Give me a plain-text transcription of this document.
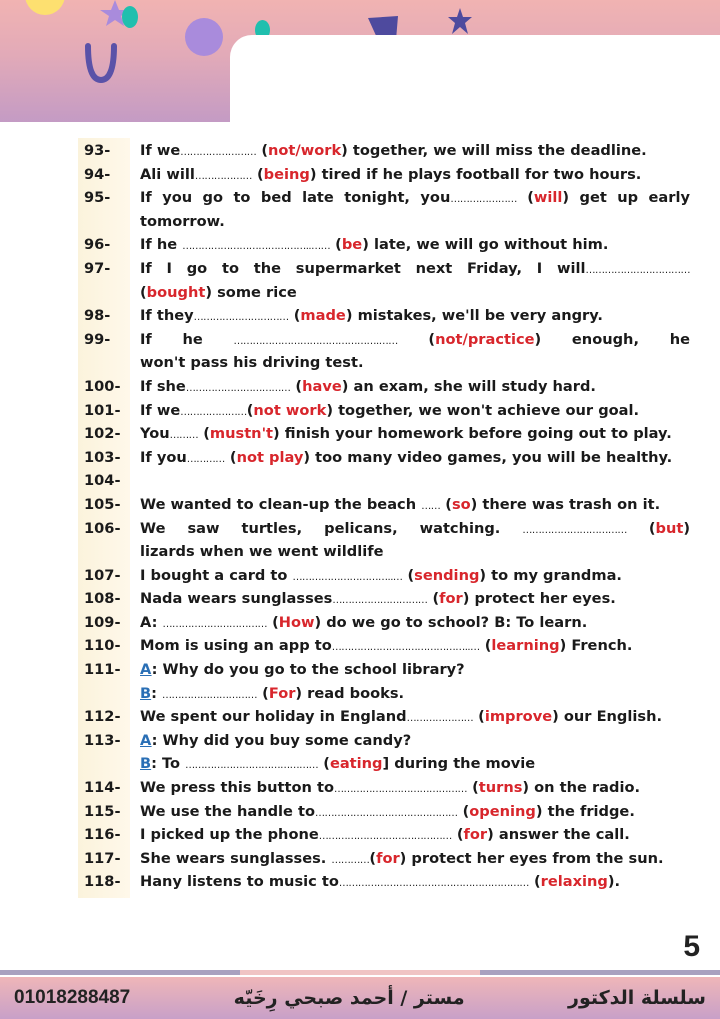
93-	If we…………………… (not/work) together, we will miss the deadline.
94-	Ali will……………… (being) tired if he plays football for two hours.
95-	If you go to bed late tonight, you………………… (will) get up early
tomorrow.
96-	If he …………………………………..…… (be) late, we will go without him.
97-	If I go to the supermarket next Friday, I will……………………………
(bought) some rice
98-	If they………………………… (made) mistakes, we'll be very angry.
99-	If he ……………………………………….…… (not/practice) enough, he
won't pass his driving test.
100-	If she…………………………… (have) an exam, she will study hard.
101-	If we…………………(not work) together, we won't achieve our goal.
102-	You……… (mustn't) finish your homework before going out to play.
103-	If you………… (not play) too many video games, you will be healthy.
104-
105-	We wanted to clean-up the beach …… (so) there was trash on it.
106-	We saw turtles, pelicans, watching. …………………………… (but)
lizards when we went wildlife
107-	I bought a card to …………………………..… (sending) to my grandma.
108-	Nada wears sunglasses………………………… (for) protect her eyes.
109-	A: …………………………… (How) do we go to school? B: To learn.
110-	Mom is using an app to……………………………………..… (learning) French.
111-	A: Why do you go to the school library?
B: ………………………… (For) read books.
112-	We spent our holiday in England………………… (improve) our English.
113-	A: Why did you buy some candy?
B: To …………………………………… (eating] during the movie
114-	We press this button to…………………………………… (turns) on the radio.
115-	We use the handle to……………………………………… (opening) the fridge.
116-	I picked up the phone…………………………………… (for) answer the call.
117-	She wears sunglasses. …………(for) protect her eyes from the sun.
118-	Hany listens to music to…………………………………………………… (relaxing).
5
01018288487	مستر / أحمد صبحي رِخَيّه	سلسلة الدكتور
